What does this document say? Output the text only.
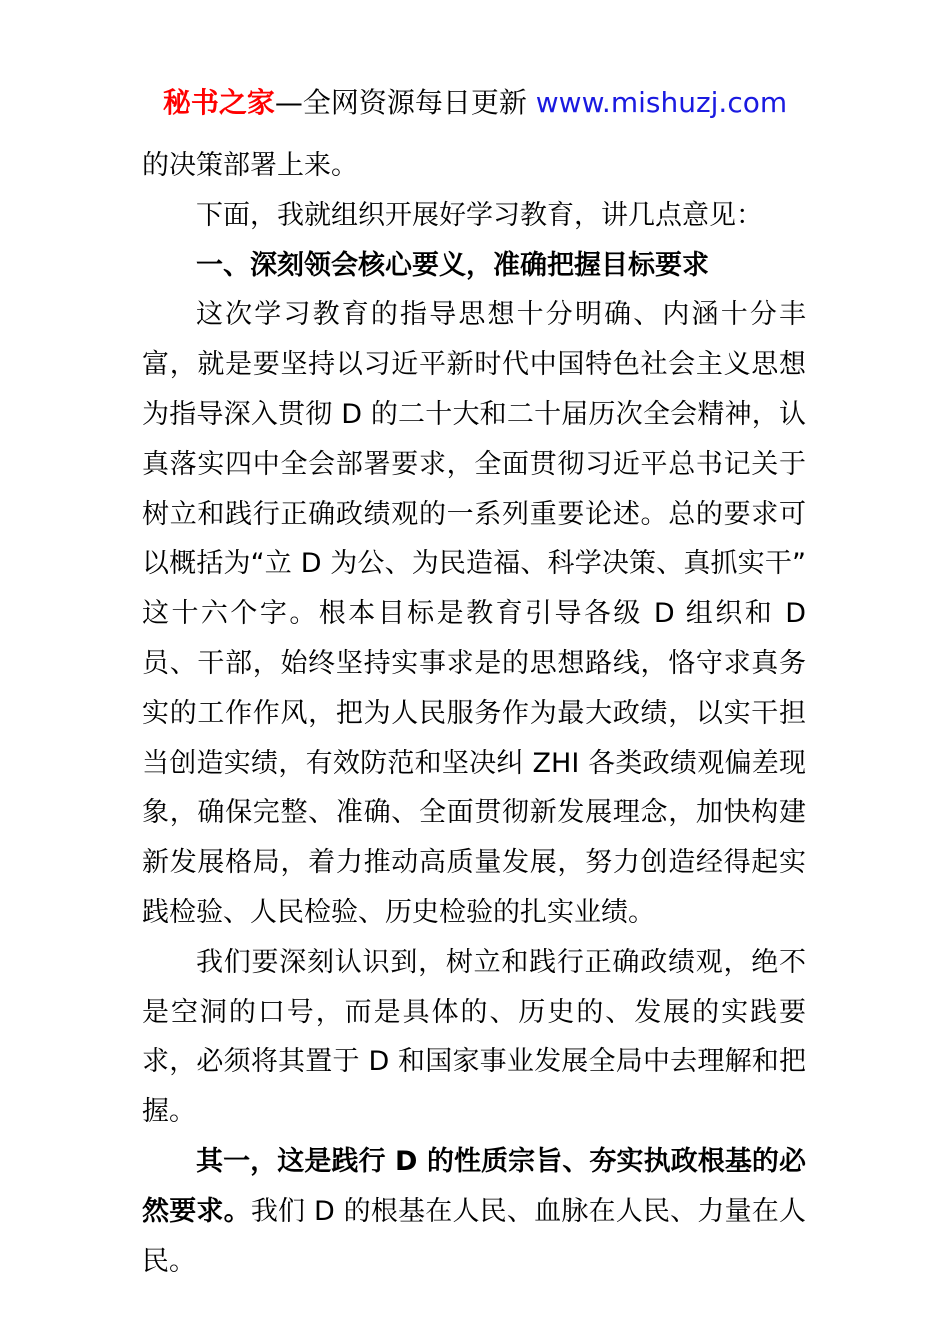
秘书之家—全网资源每日更新 www.mishuzj.com

的决策部署上来。

下面，我就组织开展好学习教育，讲几点意见：

一、深刻领会核心要义，准确把握目标要求

这次学习教育的指导思想十分明确、内涵十分丰富，就是要坚持以习近平新时代中国特色社会主义思想为指导深入贯彻 D 的二十大和二十届历次全会精神，认真落实四中全会部署要求，全面贯彻习近平总书记关于树立和践行正确政绩观的一系列重要论述。总的要求可以概括为“立 D 为公、为民造福、科学决策、真抓实干”这十六个字。根本目标是教育引导各级 D 组织和 D 员、干部，始终坚持实事求是的思想路线，恪守求真务实的工作作风，把为人民服务作为最大政绩，以实干担当创造实绩，有效防范和坚决纠 ZHI 各类政绩观偏差现象，确保完整、准确、全面贯彻新发展理念，加快构建新发展格局，着力推动高质量发展，努力创造经得起实践检验、人民检验、历史检验的扎实业绩。

我们要深刻认识到，树立和践行正确政绩观，绝不是空洞的口号，而是具体的、历史的、发展的实践要求，必须将其置于 D 和国家事业发展全局中去理解和把握。

其一，这是践行 D 的性质宗旨、夯实执政根基的必然要求。我们 D 的根基在人民、血脉在人民、力量在人民。
